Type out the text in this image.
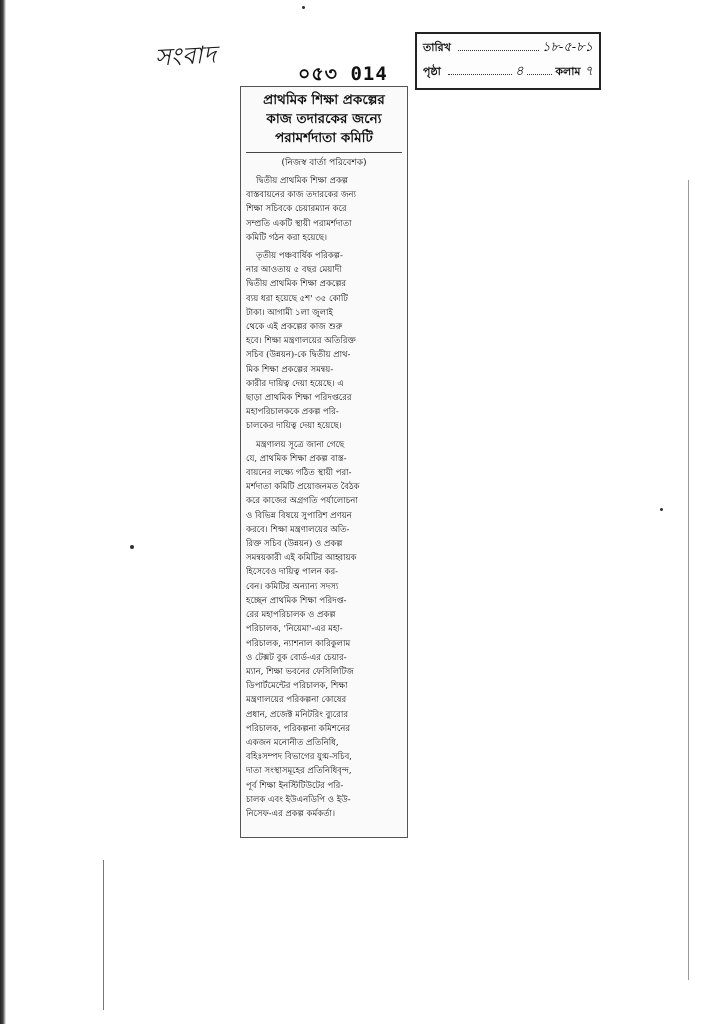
সংবাদ
০৫৩ 014
তারিখ	১৮-৫-৮১
পৃষ্ঠা	৪	কলাম ৭
প্রাথমিক শিক্ষা প্রকল্পের
কাজ তদারকের জন্যে
পরামর্শদাতা কমিটি
(নিজস্ব বার্তা পরিবেশক)

দ্বিতীয় প্রাথমিক শিক্ষা প্রকল্প
বাস্তবায়নের কাজ তদারকের জন্য
শিক্ষা সচিবকে চেয়ারম্যান করে
সম্প্রতি একটি স্থায়ী পরামর্শদাতা
কমিটি গঠন করা হয়েছে।

তৃতীয় পঞ্চবার্ষিক পরিকল্প-
নার আওতায় ৫ বছর মেয়াদী
দ্বিতীয় প্রাথমিক শিক্ষা প্রকল্পের
ব্যয় ধরা হয়েছে ৫শ' ৩৫ কোটি
টাকা। আগামী ১লা জুলাই
থেকে এই প্রকল্পের কাজ শুরু
হবে। শিক্ষা মন্ত্রণালয়ের অতিরিক্ত
সচিব (উন্নয়ন)-কে দ্বিতীয় প্রাথ-
মিক শিক্ষা প্রকল্পের সমন্বয়-
কারীর দায়িত্ব দেয়া হয়েছে। এ
ছাড়া প্রাথমিক শিক্ষা পরিদপ্তরের
মহাপরিচালককে প্রকল্প পরি-
চালকের দায়িত্ব দেয়া হয়েছে।

মন্ত্রণালয় সূত্রে জানা গেছে
যে, প্রাথমিক শিক্ষা প্রকল্প বাস্ত-
বায়নের লক্ষ্যে গঠিত স্থায়ী পরা-
মর্শদাতা কমিটি প্রয়োজনমত বৈঠক
করে কাজের অগ্রগতি পর্যালোচনা
ও বিভিন্ন বিষয়ে সুপারিশ প্রণয়ন
করবে। শিক্ষা মন্ত্রণালয়ের অতি-
রিক্ত সচিব (উন্নয়ন) ও প্রকল্প
সমন্বয়কারী এই কমিটির আহ্বায়ক
হিসেবেও দায়িত্ব পালন কর-
বেন। কমিটির অন্যান্য সদস্য
হচ্ছেন প্রাথমিক শিক্ষা পরিদপ্ত-
রের মহাপরিচালক ও প্রকল্প
পরিচালক, 'নিয়েমা'-এর মহা-
পরিচালক, ন্যাশনাল কারিকুলাম
ও টেক্সট বুক বোর্ড-এর চেয়ার-
ম্যান, শিক্ষা ভবনের ফেসিলিটিজ
ডিপার্টমেন্টের পরিচালক, শিক্ষা
মন্ত্রণালয়ের পরিকল্পনা কোষের
প্রধান, প্রজেক্ট মনিটরিং ব্যুরোর
পরিচালক, পরিকল্পনা কমিশনের
একজন মনোনীত প্রতিনিধি,
বহিঃসম্পদ বিভাগের যুগ্ম-সচিব,
দাতা সংস্থাসমূহের প্রতিনিধিবৃন্দ,
পূর্ব শিক্ষা ইনস্টিটিউটের পরি-
চালক এবং ইউএনডিপি ও ইউ-
নিসেফ-এর প্রকল্প কর্মকর্তা।
